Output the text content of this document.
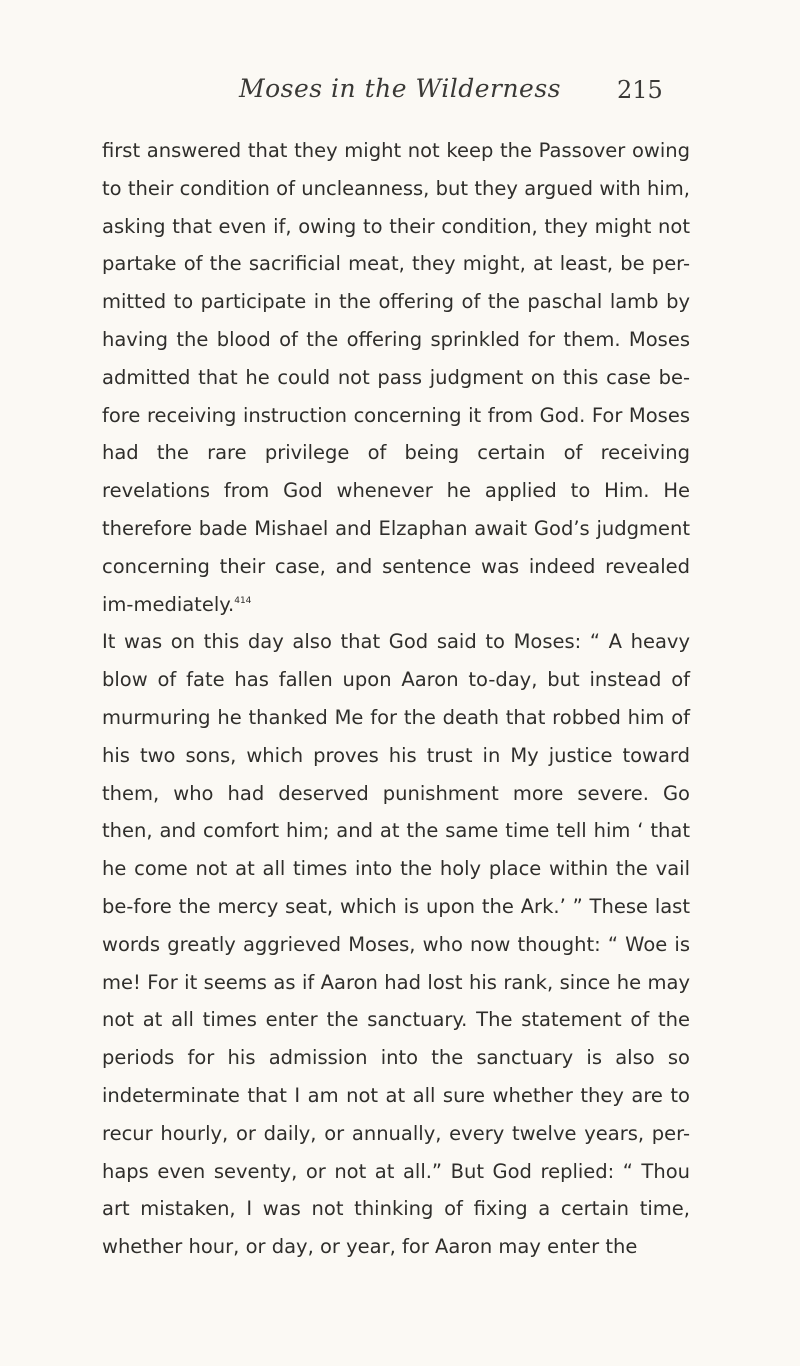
Moses in the Wilderness	215

first answered that they might not keep the Passover owing to their condition of uncleanness, but they argued with him, asking that even if, owing to their condition, they might not partake of the sacrificial meat, they might, at least, be per-mitted to participate in the offering of the paschal lamb by having the blood of the offering sprinkled for them. Moses admitted that he could not pass judgment on this case be-fore receiving instruction concerning it from God. For Moses had the rare privilege of being certain of receiving revelations from God whenever he applied to Him. He therefore bade Mishael and Elzaphan await God’s judgment concerning their case, and sentence was indeed revealed im-mediately.$^{414}$

It was on this day also that God said to Moses: “ A heavy blow of fate has fallen upon Aaron to-day, but instead of murmuring he thanked Me for the death that robbed him of his two sons, which proves his trust in My justice toward them, who had deserved punishment more severe. Go then, and comfort him; and at the same time tell him ‘ that he come not at all times into the holy place within the vail be-fore the mercy seat, which is upon the Ark.’ ” These last words greatly aggrieved Moses, who now thought: “ Woe is me! For it seems as if Aaron had lost his rank, since he may not at all times enter the sanctuary. The statement of the periods for his admission into the sanctuary is also so indeterminate that I am not at all sure whether they are to recur hourly, or daily, or annually, every twelve years, per-haps even seventy, or not at all.” But God replied: “ Thou art mistaken, I was not thinking of fixing a certain time, whether hour, or day, or year, for Aaron may enter the
